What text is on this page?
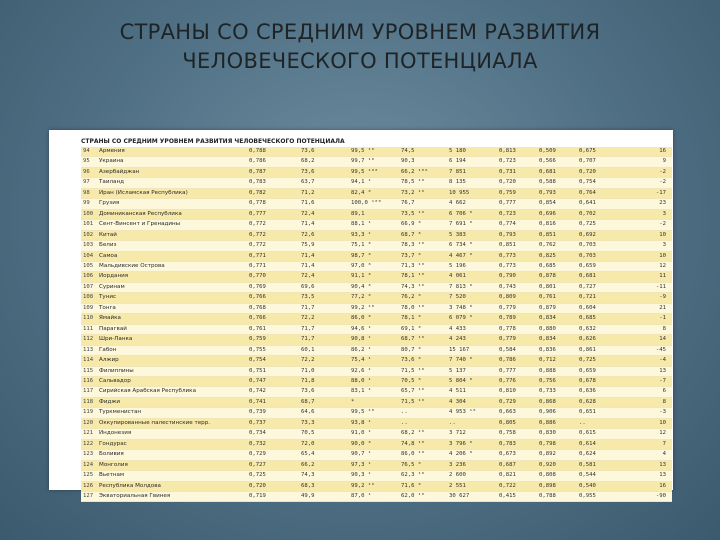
СТРАНЫ СО СРЕДНИМ УРОВНЕМ РАЗВИТИЯ
ЧЕЛОВЕЧЕСКОГО ПОТЕНЦИАЛА
СТРАНЫ СО СРЕДНИМ УРОВНЕМ РАЗВИТИЯ ЧЕЛОВЕЧЕСКОГО ПОТЕНЦИАЛА
94	Армения	0,788	73,6	99,5 ¹⁰	74,5	5 180	0,813	0,509	0,675	16
95	Украина	0,786	68,2	99,7 ¹⁰	90,3	6 194	0,723	0,566	0,707	9
96	Азербайджан	0,787	73,6	99,5 ¹⁰⁰	66,2 ¹⁰⁰	7 851	0,731	0,681	0,720	-2
97	Таиланд	0,783	63,7	94,1 ¹	78,5 ¹⁰	8 135	0,720	0,588	0,754	-2
98	Иран (Исламская Республика)	0,782	71,2	82,4 ⁸	73,2 ¹⁰	10 955	0,759	0,793	0,764	-17
99	Грузия	0,778	71,6	100,0 ¹⁰⁰	76,7	4 662	0,777	0,854	0,641	23
100	Доминиканская Республика	0,777	72,4	89,1	73,5 ¹⁰	6 706 ⁸	0,723	0,696	0,702	3
101	Сент-Винсент и Гренадины	0,772	71,4	88,1 ¹	66,9 ⁸	7 691 ⁸	0,774	0,816	0,725	-2
102	Китай	0,772	72,6	93,3 ¹	68,7 ⁸	5 383	0,793	0,851	0,692	10
103	Белиз	0,772	75,9	75,1 ⁸	78,3 ¹⁰	6 734 ⁸	0,851	0,762	0,703	3
104	Самоа	0,771	71,4	98,7 ⁸	73,7 ⁸	4 467 ⁸	0,773	0,825	0,703	10
105	Мальдивские Острова	0,771	71,4	97,0 ⁸	71,3 ¹⁰	5 196	0,773	0,685	0,659	12
106	Иордания	0,770	72,4	91,1 ⁸	78,1 ¹⁰	4 061	0,790	0,878	0,681	11
107	Суринам	0,769	69,6	90,4 ⁸	74,3 ¹⁰	7 813 ⁸	0,743	0,801	0,727	-11
108	Тунис	0,766	73,5	77,2 ⁸	76,2 ⁸	7 520	0,809	0,761	0,721	-9
109	Тонга	0,768	71,7	99,2 ¹⁰	78,0 ¹⁰	3 748 ⁸	0,779	0,879	0,604	21
110	Ямайка	0,766	72,2	86,0 ⁸	78,1 ⁸	6 079 ⁸	0,789	0,834	0,685	-1
111	Парагвай	0,761	71,7	94,6 ¹	69,1 ⁸	4 433	0,778	0,880	0,632	8
112	Шри-Ланка	0,759	71,7	90,8 ¹	68,7 ¹⁰	4 243	0,779	0,834	0,626	14
113	Габон	0,755	60,1	86,2 ¹	80,7 ⁸	15 167	0,584	0,836	0,861	-45
114	Алжир	0,754	72,2	75,4 ¹	73,6 ⁸	7 740 ⁸	0,786	0,712	0,725	-4
115	Филиппины	0,751	71,0	92,6 ¹	71,5 ¹⁰	5 137	0,777	0,888	0,659	13
116	Сальвадор	0,747	71,8	88,0 ¹	70,5 ⁸	5 804 ⁸	0,776	0,756	0,678	-7
117	Сирийская Арабская Республика	0,742	73,6	83,1 ¹	65,7 ¹⁰	4 511	0,810	0,733	0,636	6
118	Фиджи	0,741	68,7	*	71,5 ¹⁰	4 304	0,729	0,868	0,628	8
119	Туркменистан	0,739	64,6	99,5 ¹⁰	..	4 953 ¹⁰	0,663	0,906	0,651	-3
120	Оккупированные палестинские терр.	0,737	73,3	93,8 ¹	..	..	0,805	0,886	..	10
121	Индонезия	0,734	70,5	91,0 ¹	68,2 ¹⁰	3 712	0,758	0,830	0,615	12
122	Гондурас	0,732	72,0	90,0 ⁸	74,8 ¹⁰	3 796 ⁸	0,783	0,798	0,614	7
123	Боливия	0,729	65,4	90,7 ¹	86,0 ¹⁰	4 206 ⁸	0,673	0,892	0,624	4
124	Монголия	0,727	66,2	97,3 ¹	76,5 ⁸	3 236	0,687	0,920	0,581	13
125	Вьетнам	0,725	74,3	90,3 ¹	62,3 ¹⁰	2 600	0,821	0,808	0,544	13
126	Республика Молдова	0,720	68,3	99,2 ¹⁰	71,6 ⁸	2 551	0,722	0,898	0,540	16
127	Экваториальная Гвинея	0,719	49,9	87,0 ¹	62,0 ¹⁰	30 627	0,415	0,788	0,955	-90
